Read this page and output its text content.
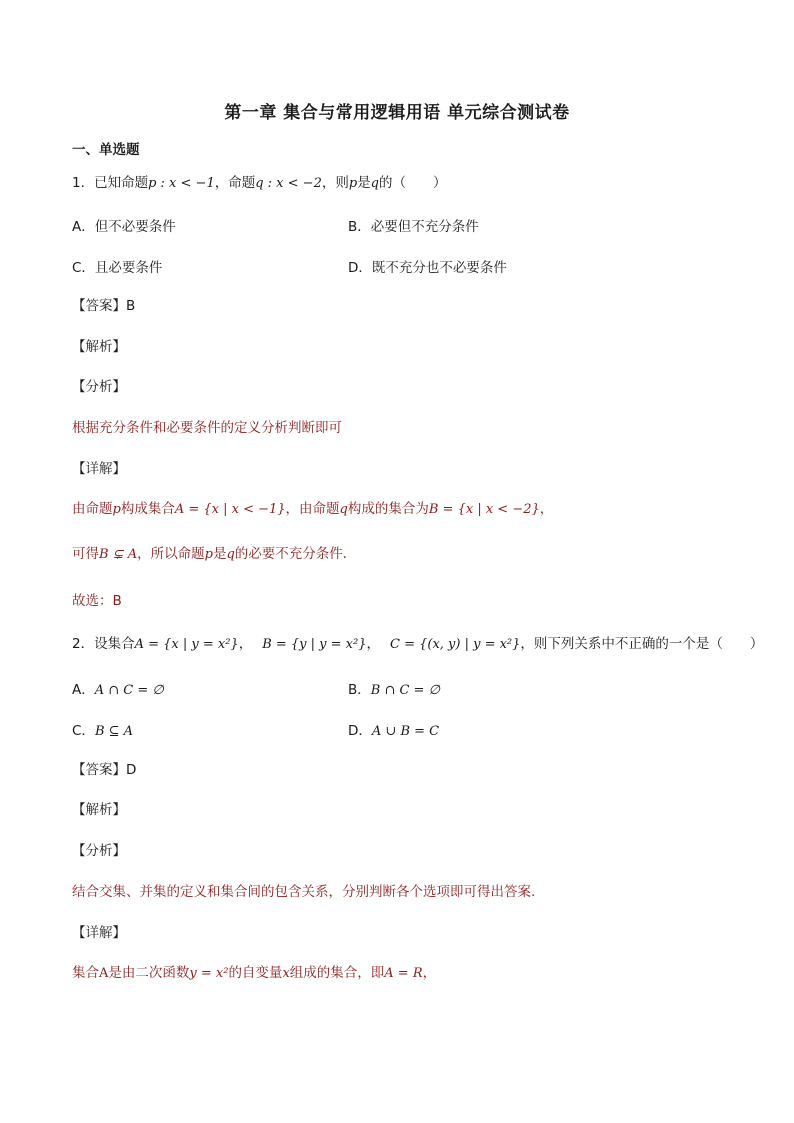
第一章 集合与常用逻辑用语 单元综合测试卷
一、单选题
1．已知命题p : x < −1，命题q : x < −2，则p是q的（　　）
A．但不必要条件	B．必要但不充分条件
C．且必要条件	D．既不充分也不必要条件
【答案】B
【解析】
【分析】
根据充分条件和必要条件的定义分析判断即可
【详解】
由命题p构成集合A = {x | x < −1}，由命题q构成的集合为B = {x | x < −2}，
可得B ⊊ A，所以命题p是q的必要不充分条件．
故选：B
2．设集合A = {x | y = x²}， B = {y | y = x²}， C = {(x, y) | y = x²}，则下列关系中不正确的一个是（　　）
A．A ∩ C = ∅	B．B ∩ C = ∅
C．B ⊆ A	D．A ∪ B = C
【答案】D
【解析】
【分析】
结合交集、并集的定义和集合间的包含关系，分别判断各个选项即可得出答案.
【详解】
集合A是由二次函数y = x²的自变量x组成的集合，即A = R，
